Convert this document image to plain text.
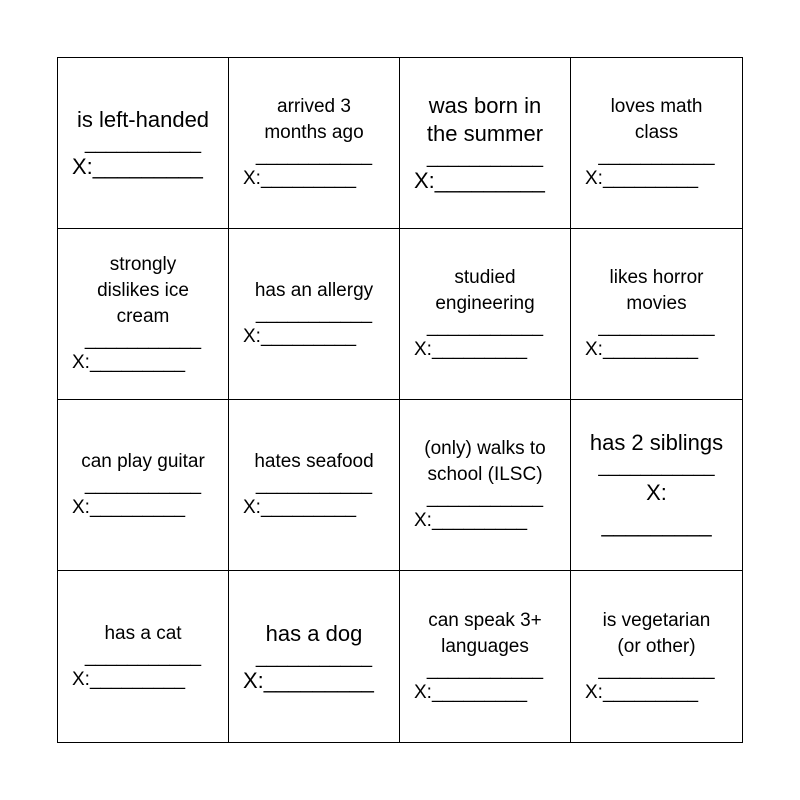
is left-handed
___________
X:_________
arrived 3
months ago
___________
X:_________
was born in
the summer
___________
X:_________
loves math
class
___________
X:_________
strongly
dislikes ice
cream
___________
X:_________
has an allergy
___________
X:_________
studied
engineering
___________
X:_________
likes horror
movies
___________
X:_________
can play guitar
___________
X:_________
hates seafood
___________
X:_________
(only) walks to
school (ILSC)
___________
X:_________
has 2 siblings
___________
X:
_________
has a cat
___________
X:_________
has a dog
___________
X:_________
can speak 3+
languages
___________
X:_________
is vegetarian
(or other)
___________
X:_________
